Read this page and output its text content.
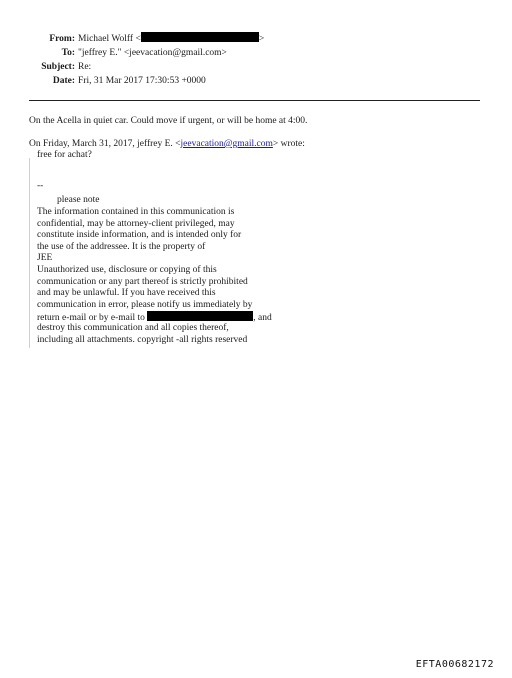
From: Michael Wolff <	>
To: "jeffrey E." <jeevacation@gmail.com>
Subject: Re:
Date: Fri, 31 Mar 2017 17:30:53 +0000
On the Acella in quiet car. Could move if urgent, or will be home at 4:00.
On Friday, March 31, 2017, jeffrey E. <jeevacation@gmail.com> wrote:
free for achat?
--
please note
The information contained in this communication is
confidential, may be attorney-client privileged, may
constitute inside information, and is intended only for
the use of the addressee. It is the property of
JEE
Unauthorized use, disclosure or copying of this
communication or any part thereof is strictly prohibited
and may be unlawful. If you have received this
communication in error, please notify us immediately by
return e-mail or by e-mail to	, and
destroy this communication and all copies thereof,
including all attachments. copyright -all rights reserved
EFTA00682172
